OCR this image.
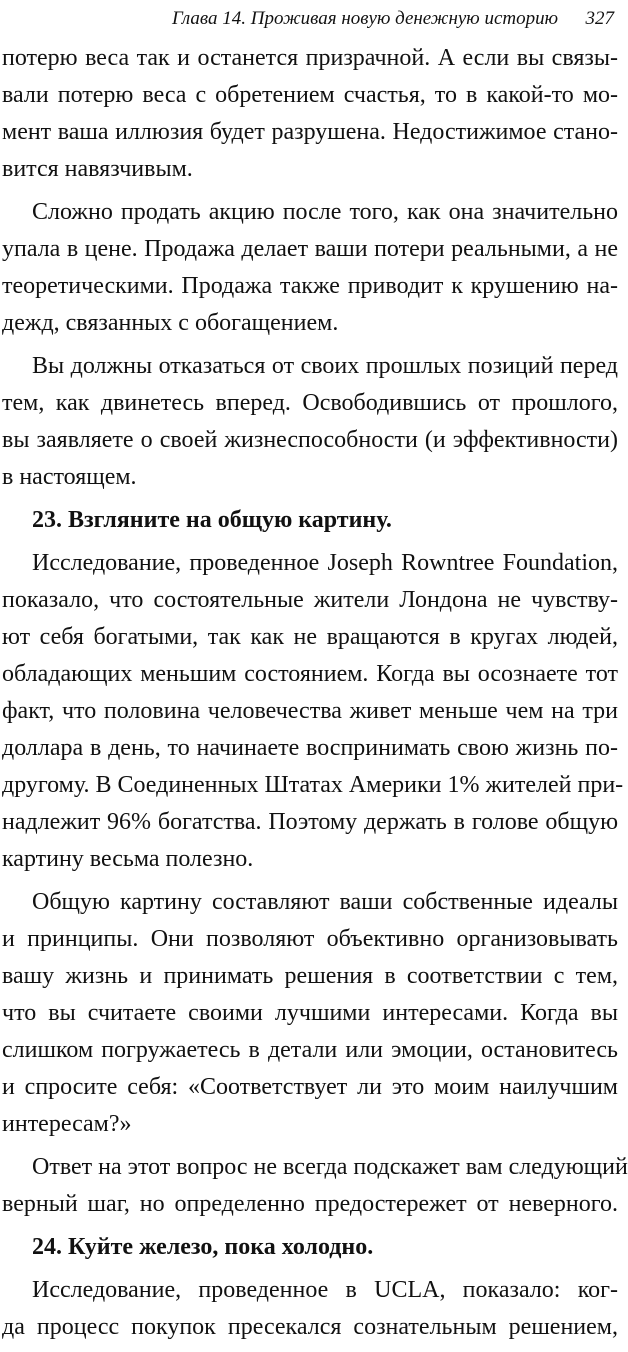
Глава 14. Проживая новую денежную историю 327
потерю веса так и останется призрачной. А если вы связы-
вали потерю веса с обретением счастья, то в какой-то мо-
мент ваша иллюзия будет разрушена. Недостижимое стано-
вится навязчивым.
Сложно продать акцию после того, как она значительно
упала в цене. Продажа делает ваши потери реальными, а не
теоретическими. Продажа также приводит к крушению на-
дежд, связанных с обогащением.
Вы должны отказаться от своих прошлых позиций перед
тем, как двинетесь вперед. Освободившись от прошлого,
вы заявляете о своей жизнеспособности (и эффективности)
в настоящем.
23. Взгляните на общую картину.
Исследование, проведенное Joseph Rowntree Foundation,
показало, что состоятельные жители Лондона не чувству-
ют себя богатыми, так как не вращаются в кругах людей,
обладающих меньшим состоянием. Когда вы осознаете тот
факт, что половина человечества живет меньше чем на три
доллара в день, то начинаете воспринимать свою жизнь по-
другому. В Соединенных Штатах Америки 1% жителей при-
надлежит 96% богатства. Поэтому держать в голове общую
картину весьма полезно.
Общую картину составляют ваши собственные идеалы
и принципы. Они позволяют объективно организовывать
вашу жизнь и принимать решения в соответствии с тем,
что вы считаете своими лучшими интересами. Когда вы
слишком погружаетесь в детали или эмоции, остановитесь
и спросите себя: «Соответствует ли это моим наилучшим
интересам?»
Ответ на этот вопрос не всегда подскажет вам следующий
верный шаг, но определенно предостережет от неверного.
24. Куйте железо, пока холодно.
Исследование, проведенное в UCLA, показало: ког-
да процесс покупок пресекался сознательным решением,
